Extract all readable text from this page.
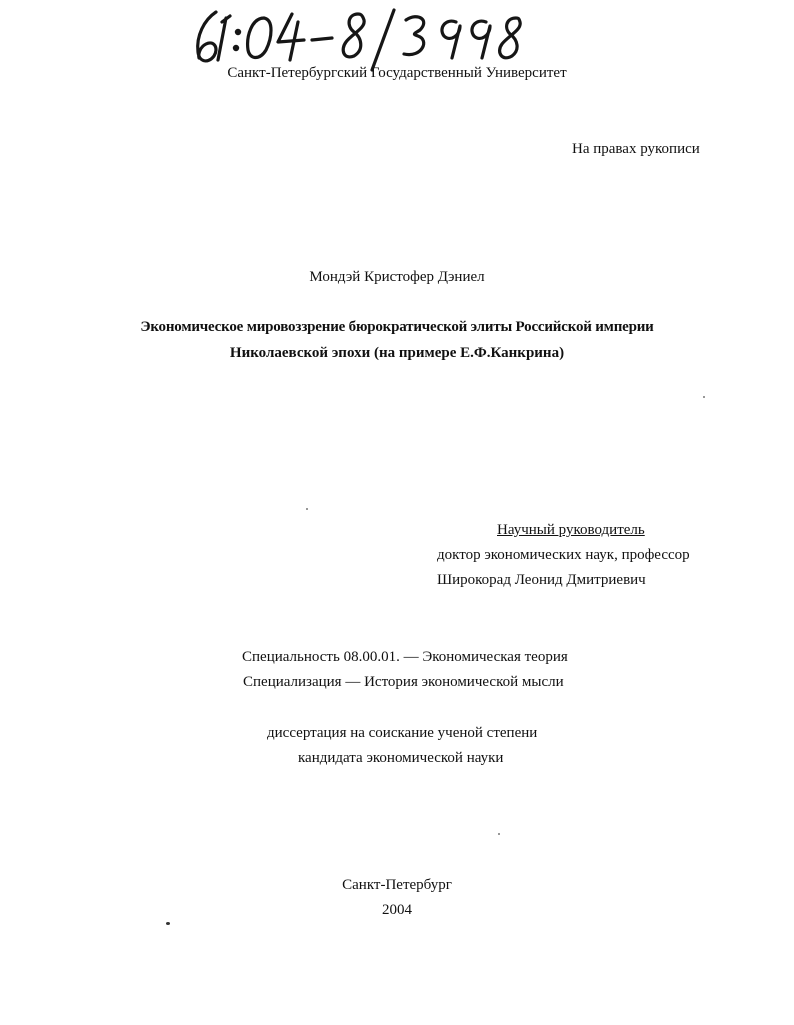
Санкт-Петербургский Государственный Университет
На правах рукописи
Мондэй Кристофер Дэниел
Экономическое мировоззрение бюрократической элиты Российской империи
Николаевской эпохи (на примере Е.Ф.Канкрина)
Научный руководитель
доктор экономических наук, профессор
Широкорад Леонид Дмитриевич
Специальность 08.00.01. — Экономическая теория
Специализация — История экономической мысли
диссертация на соискание ученой степени
кандидата экономической науки
Санкт-Петербург
2004
